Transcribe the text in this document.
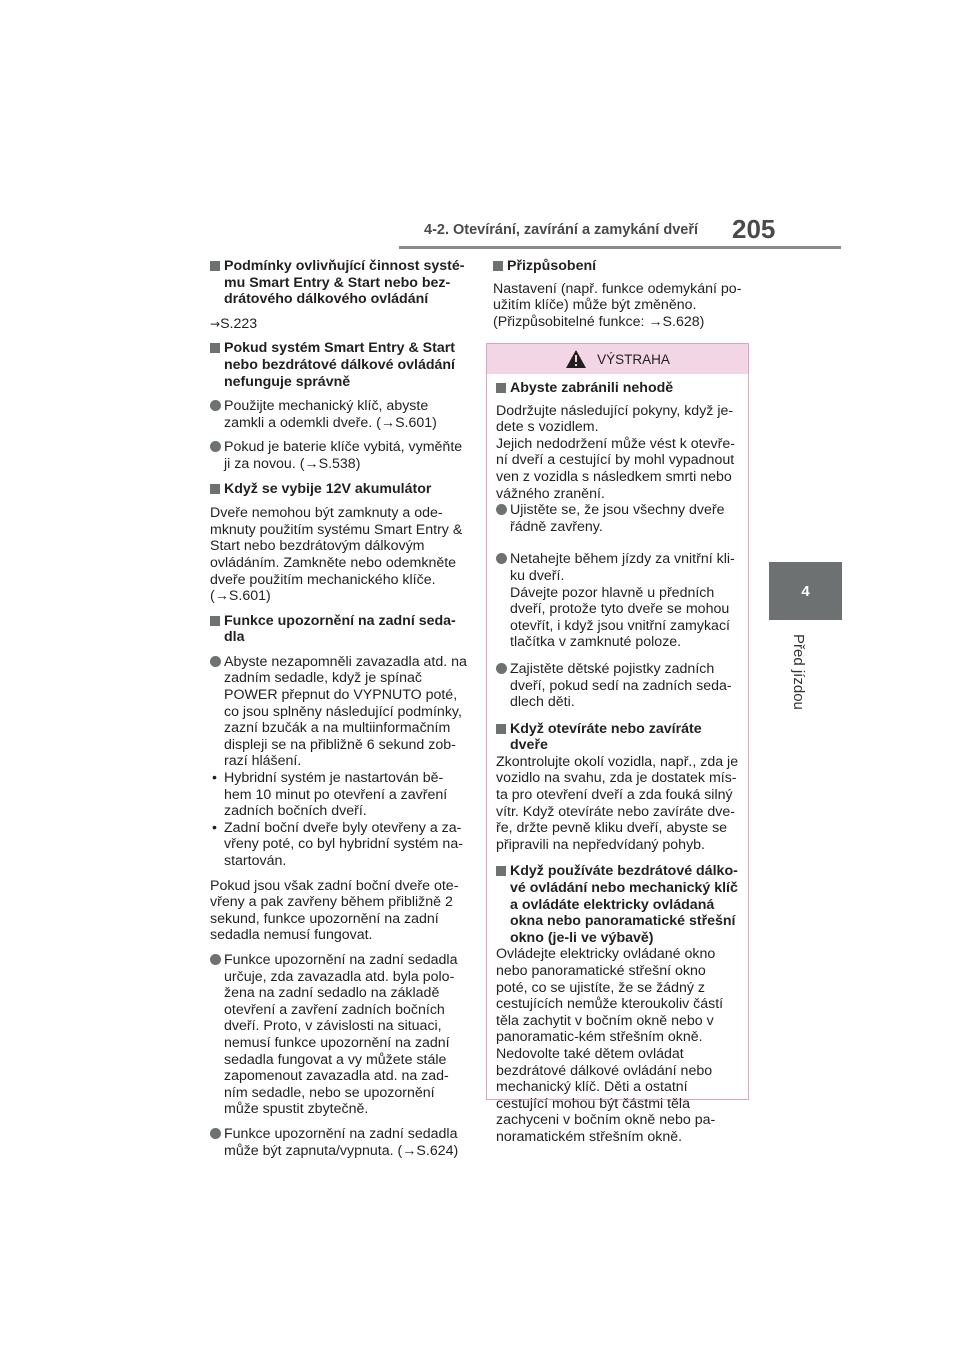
4-2. Otevírání, zavírání a zamykání dveří 205
4
Před jízdou
Podmínky ovlivňující činnost systé-mu Smart Entry & Start nebo bez-drátového dálkového ovládání
→S.223
Pokud systém Smart Entry & Start nebo bezdrátové dálkové ovládání nefunguje správně
Použijte mechanický klíč, abyste zamkli a odemkli dveře. (→S.601)
Pokud je baterie klíče vybitá, vyměňte ji za novou. (→S.538)
Když se vybije 12V akumulátor
Dveře nemohou být zamknuty a ode-mknuty použitím systému Smart Entry & Start nebo bezdrátovým dálkovým ovládáním. Zamkněte nebo odemkněte dveře použitím mechanického klíče. (→S.601)
Funkce upozornění na zadní seda-dla
Abyste nezapomněli zavazadla atd. na zadním sedadle, když je spínač POWER přepnut do VYPNUTO poté, co jsou splněny následující podmínky, zazní bzučák a na multiinformačním displeji se na přibližně 6 sekund zob-razí hlášení.
• Hybridní systém je nastartován bě-hem 10 minut po otevření a zavření zadních bočních dveří.
• Zadní boční dveře byly otevřeny a za-vřeny poté, co byl hybridní systém na-startován.
Pokud jsou však zadní boční dveře ote-vřeny a pak zavřeny během přibližně 2 sekund, funkce upozornění na zadní sedadla nemusí fungovat.
Funkce upozornění na zadní sedadla určuje, zda zavazadla atd. byla polo-žena na zadní sedadlo na základě otevření a zavření zadních bočních dveří. Proto, v závislosti na situaci, nemusí funkce upozornění na zadní sedadla fungovat a vy můžete stále zapomenout zavazadla atd. na zad-ním sedadle, nebo se upozornění může spustit zbytečně.
Funkce upozornění na zadní sedadla může být zapnuta/vypnuta. (→S.624)
Přizpůsobení
Nastavení (např. funkce odemykání po-užitím klíče) může být změněno. (Přizpůsobitelné funkce: →S.628)
VÝSTRAHA
Abyste zabránili nehodě
Dodržujte následující pokyny, když je-dete s vozidlem.
Jejich nedodržení může vést k otevře-ní dveří a cestující by mohl vypadnout ven z vozidla s následkem smrti nebo vážného zranění.
Ujistěte se, že jsou všechny dveře řádně zavřeny.
Netahejte během jízdy za vnitřní kli-ku dveří.
Dávejte pozor hlavně u předních dveří, protože tyto dveře se mohou otevřít, i když jsou vnitřní zamykací tlačítka v zamknuté poloze.
Zajistěte dětské pojistky zadních dveří, pokud sedí na zadních seda-dlech děti.
Když otevíráte nebo zavíráte dveře
Zkontrolujte okolí vozidla, např., zda je vozidlo na svahu, zda je dostatek mís-ta pro otevření dveří a zda fouká silný vítr. Když otevíráte nebo zavíráte dve-ře, držte pevně kliku dveří, abyste se připravili na nepředvídaný pohyb.
Když používáte bezdrátové dálko-vé ovládání nebo mechanický klíč a ovládáte elektricky ovládaná okna nebo panoramatické střešní okno (je-li ve výbavě)
Ovládejte elektricky ovládané okno nebo panoramatické střešní okno poté, co se ujistíte, že se žádný z cestujících nemůže kteroukoliv částí těla zachytit v bočním okně nebo v panoramatic-kém střešním okně. Nedovolte také dětem ovládat bezdrátové dálkové ovládání nebo mechanický klíč. Děti a ostatní cestující mohou být částmi těla zachyceni v bočním okně nebo pa-noramatickém střešním okně.
